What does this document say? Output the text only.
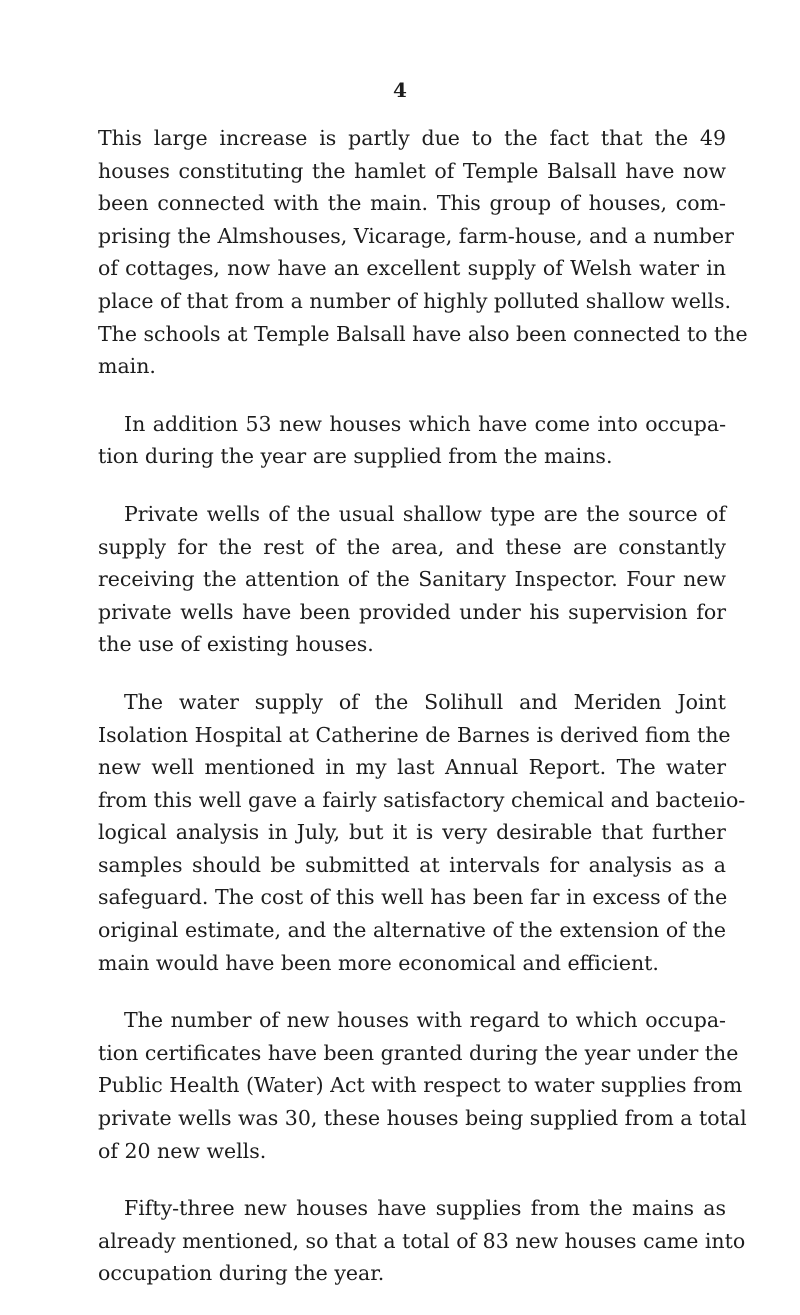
4

This large increase is partly due to the fact that the 49
houses constituting the hamlet of Temple Balsall have now
been connected with the main. This group of houses, com-
prising the Almshouses, Vicarage, farm-house, and a number
of cottages, now have an excellent supply of Welsh water in
place of that from a number of highly polluted shallow wells.
The schools at Temple Balsall have also been connected to the
main.

In addition 53 new houses which have come into occupa-
tion during the year are supplied from the mains.

Private wells of the usual shallow type are the source of
supply for the rest of the area, and these are constantly
receiving the attention of the Sanitary Inspector. Four new
private wells have been provided under his supervision for
the use of existing houses.

The water supply of the Solihull and Meriden Joint
Isolation Hospital at Catherine de Barnes is derived fiom the
new well mentioned in my last Annual Report. The water
from this well gave a fairly satisfactory chemical and bacteıio-
logical analysis in July, but it is very desirable that further
samples should be submitted at intervals for analysis as a
safeguard. The cost of this well has been far in excess of the
original estimate, and the alternative of the extension of the
main would have been more economical and efficient.

The number of new houses with regard to which occupa-
tion certificates have been granted during the year under the
Public Health (Water) Act with respect to water supplies from
private wells was 30, these houses being supplied from a total
of 20 new wells.

Fifty-three new houses have supplies from the mains as
already mentioned, so that a total of 83 new houses came into
occupation during the year.
